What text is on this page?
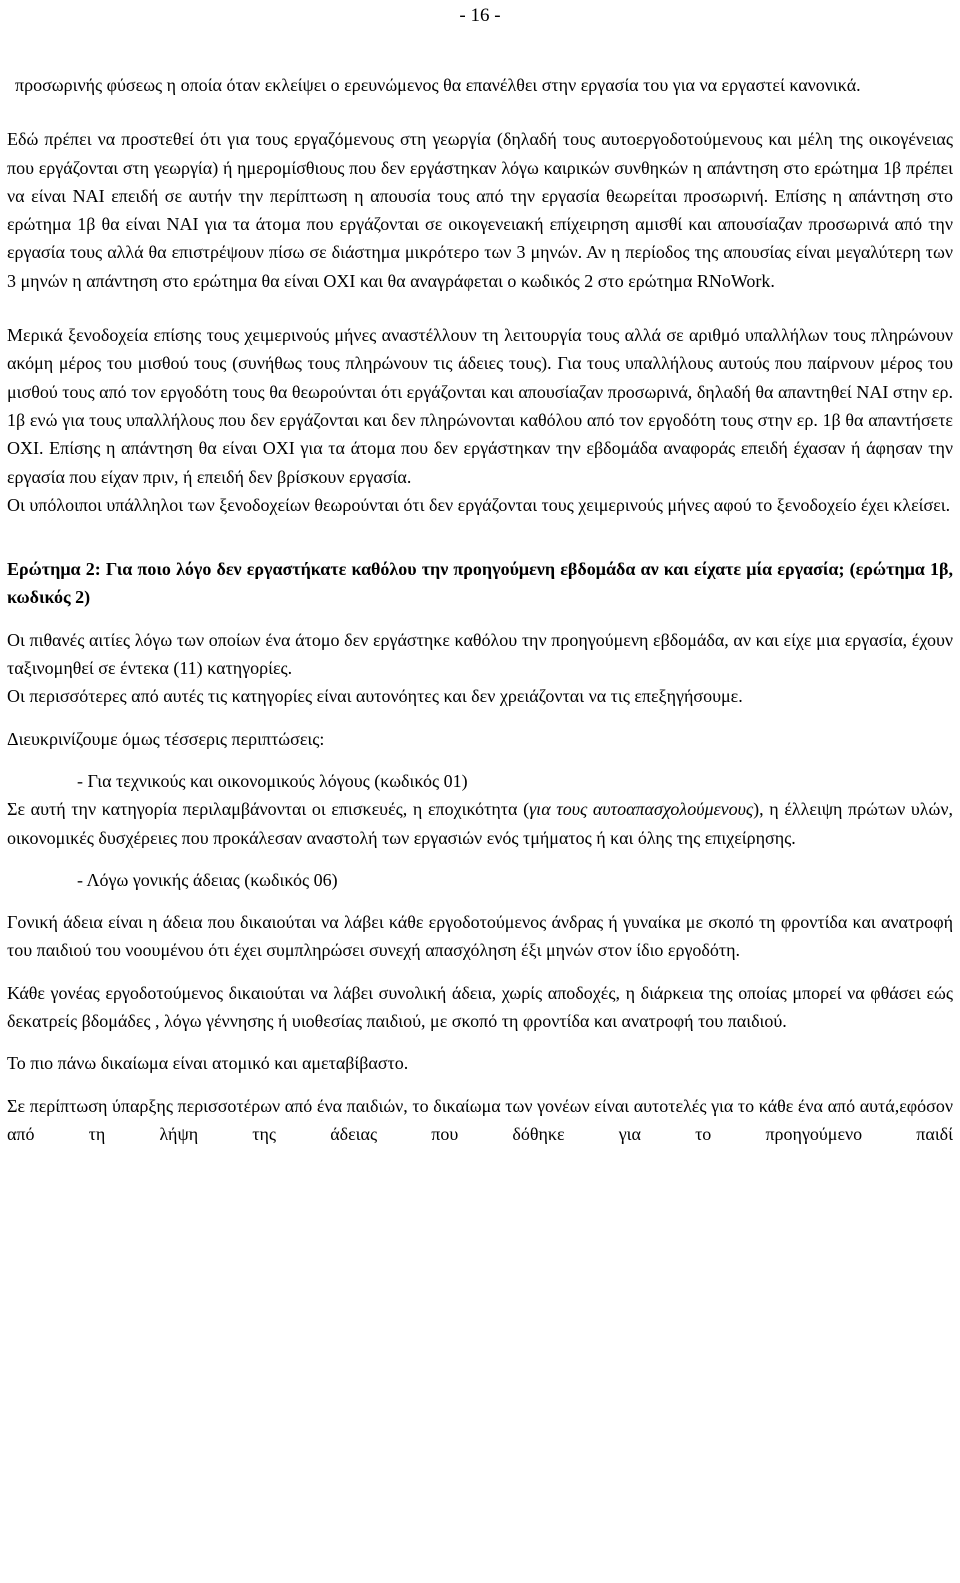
- 16 -

προσωρινής φύσεως η οποία όταν εκλείψει ο ερευνώμενος θα επανέλθει στην εργασία του για να εργαστεί κανονικά.

Εδώ πρέπει να προστεθεί ότι για τους εργαζόμενους στη γεωργία (δηλαδή τους αυτοεργοδοτούμενους και μέλη της οικογένειας που εργάζονται στη γεωργία) ή ημερομίσθιους που δεν εργάστηκαν λόγω καιρικών συνθηκών η απάντηση στο ερώτημα 1β πρέπει να είναι ΝΑΙ επειδή σε αυτήν την περίπτωση η απουσία τους από την εργασία θεωρείται προσωρινή. Επίσης η απάντηση στο ερώτημα 1β θα είναι ΝΑΙ για τα άτομα που εργάζονται σε οικογενειακή επίχειρηση αμισθί και απουσίαζαν προσωρινά από την εργασία τους αλλά θα επιστρέψουν πίσω σε διάστημα μικρότερο των 3 μηνών. Αν η περίοδος της απουσίας είναι μεγαλύτερη των 3 μηνών η απάντηση στο ερώτημα θα είναι ΟΧΙ και θα αναγράφεται ο κωδικός 2 στο ερώτημα RNoWork.

Μερικά ξενοδοχεία επίσης τους χειμερινούς μήνες αναστέλλουν τη λειτουργία τους αλλά σε αριθμό υπαλλήλων τους πληρώνουν ακόμη μέρος του μισθού τους (συνήθως τους πληρώνουν τις άδειες τους). Για τους υπαλλήλους αυτούς που παίρνουν μέρος του μισθού τους από τον εργοδότη τους θα θεωρούνται ότι εργάζονται και απουσίαζαν προσωρινά, δηλαδή θα απαντηθεί ΝΑΙ στην ερ. 1β ενώ για τους υπαλλήλους που δεν εργάζονται και δεν πληρώνονται καθόλου από τον εργοδότη τους στην ερ. 1β θα απαντήσετε ΟΧΙ. Επίσης η απάντηση θα είναι ΟΧΙ για τα άτομα που δεν εργάστηκαν την εβδομάδα αναφοράς επειδή έχασαν ή άφησαν την εργασία που είχαν πριν, ή επειδή δεν βρίσκουν εργασία.

Οι υπόλοιποι υπάλληλοι των ξενοδοχείων θεωρούνται ότι δεν εργάζονται τους χειμερινούς μήνες αφού το ξενοδοχείο έχει κλείσει.

Ερώτημα 2: Για ποιο λόγο δεν εργαστήκατε καθόλου την προηγούμενη εβδομάδα αν και είχατε μία εργασία; (ερώτημα 1β, κωδικός 2)

Οι πιθανές αιτίες λόγω των οποίων ένα άτομο δεν εργάστηκε καθόλου την προηγούμενη εβδομάδα, αν και είχε μια εργασία, έχουν ταξινομηθεί σε έντεκα (11) κατηγορίες.

Οι περισσότερες από αυτές τις κατηγορίες είναι αυτονόητες και δεν χρειάζονται να τις επεξηγήσουμε.

Διευκρινίζουμε όμως τέσσερις περιπτώσεις:

- Για τεχνικούς και οικονομικούς λόγους (κωδικός 01)

Σε αυτή την κατηγορία περιλαμβάνονται οι επισκευές, η εποχικότητα (για τους αυτοαπασχολούμενους), η έλλειψη πρώτων υλών, οικονομικές δυσχέρειες που προκάλεσαν αναστολή των εργασιών ενός τμήματος ή και όλης της επιχείρησης.

- Λόγω γονικής άδειας (κωδικός 06)

Γονική άδεια είναι η άδεια που δικαιούται να λάβει κάθε εργοδοτούμενος άνδρας ή γυναίκα με σκοπό τη φροντίδα και ανατροφή του παιδιού του νοουμένου ότι έχει συμπληρώσει συνεχή απασχόληση έξι μηνών στον ίδιο εργοδότη.

Κάθε γονέας εργοδοτούμενος δικαιούται να λάβει συνολική άδεια, χωρίς αποδοχές, η διάρκεια της οποίας μπορεί να φθάσει εώς δεκατρείς βδομάδες , λόγω γέννησης ή υιοθεσίας παιδιού, με σκοπό τη φροντίδα και ανατροφή του παιδιού.

Το πιο πάνω δικαίωμα είναι ατομικό και αμεταβίβαστο.

Σε περίπτωση ύπαρξης περισσοτέρων από ένα παιδιών, το δικαίωμα των γονέων είναι αυτοτελές για το κάθε ένα από αυτά,εφόσον από τη λήψη της άδειας που δόθηκε για το προηγούμενο παιδί
